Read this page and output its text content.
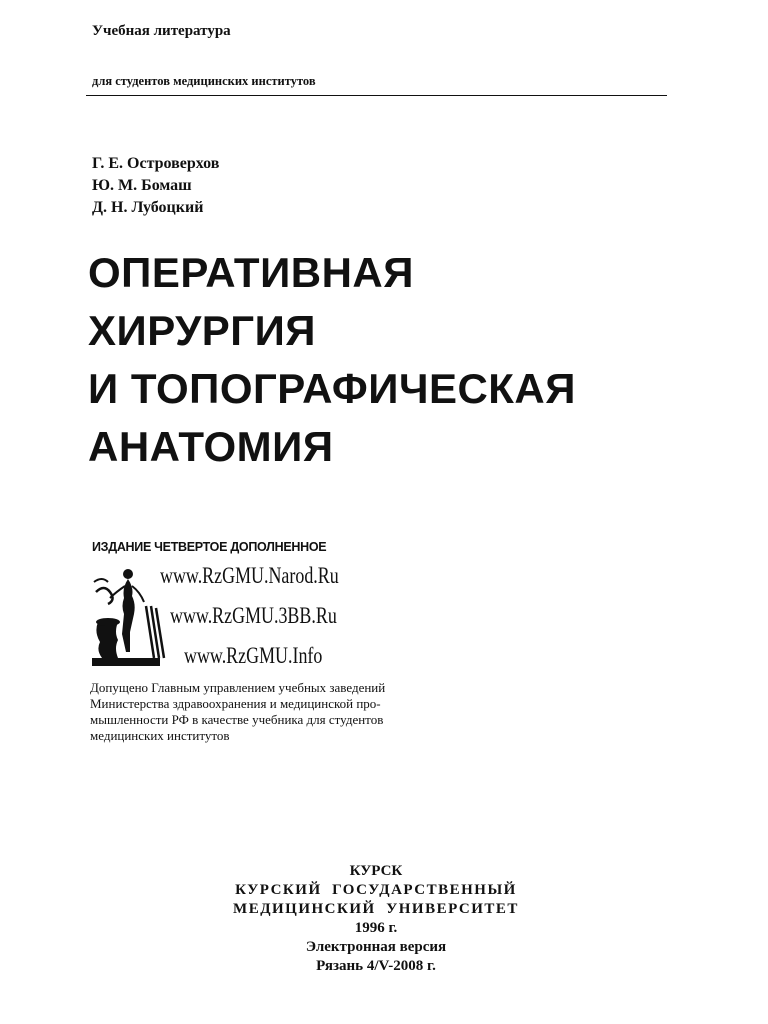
Учебная литература
для студентов медицинских институтов
Г. Е. Островерхов
Ю. М. Бомаш
Д. Н. Лубоцкий
ОПЕРАТИВНАЯ
ХИРУРГИЯ
И ТОПОГРАФИЧЕСКАЯ
АНАТОМИЯ
ИЗДАНИЕ ЧЕТВЕРТОЕ ДОПОЛНЕННОЕ
www.RzGMU.Narod.Ru
www.RzGMU.3BB.Ru
www.RzGMU.Info
Допущено Главным управлением учебных заведений
Министерства здравоохранения и медицинской про-
мышленности РФ в качестве учебника для студентов
медицинских институтов
КУРСК
КУРСКИЙ  ГОСУДАРСТВЕННЫЙ
МЕДИЦИНСКИЙ  УНИВЕРСИТЕТ
1996 г.
Электронная версия
Рязань 4/V-2008 г.
